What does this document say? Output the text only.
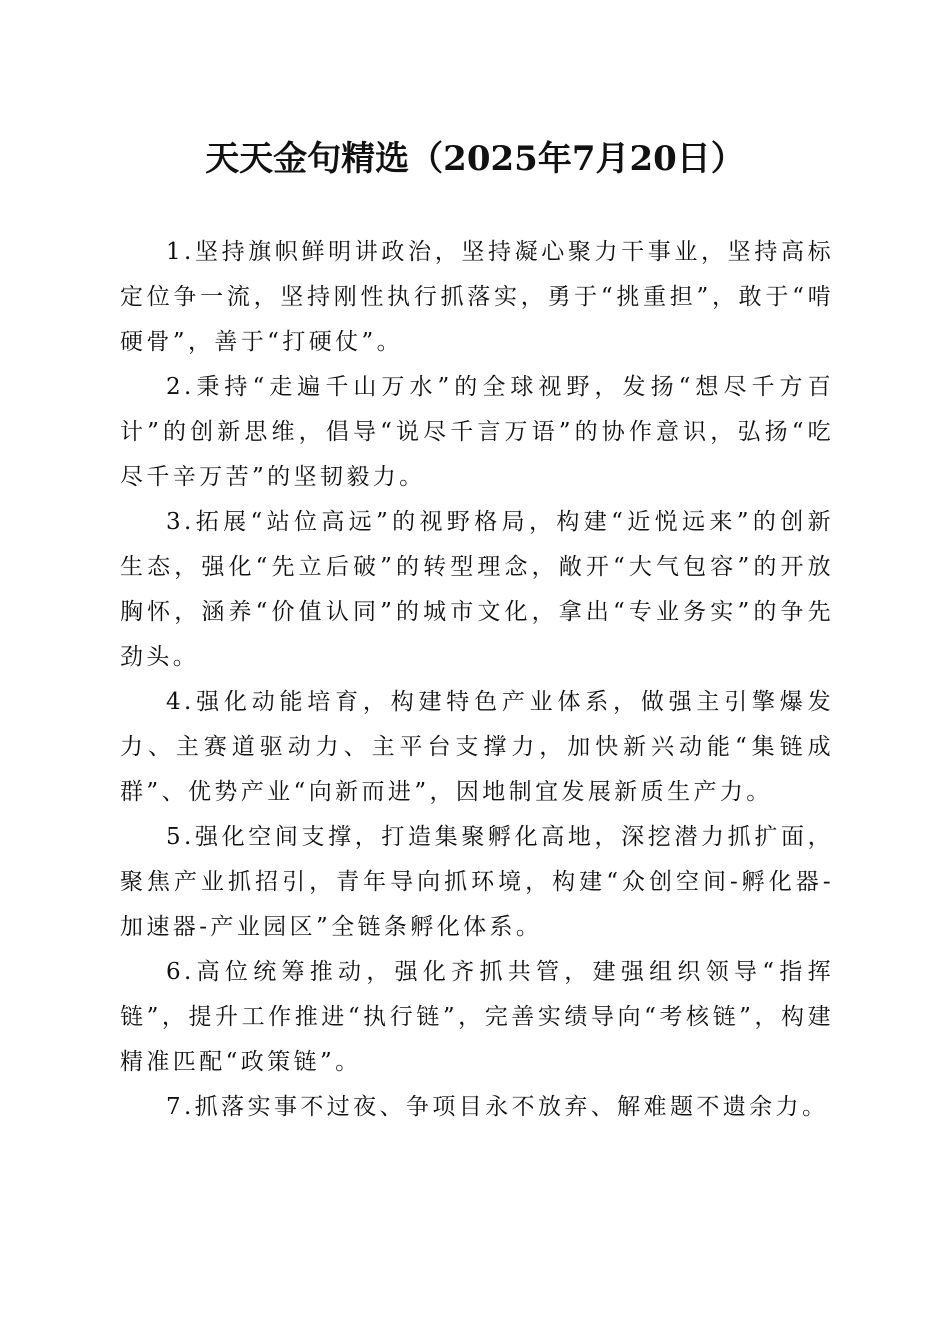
天天金句精选（2025年7月20日）

1.坚持旗帜鲜明讲政治，坚持凝心聚力干事业，坚持高标定位争一流，坚持刚性执行抓落实，勇于“挑重担”，敢于“啃硬骨”，善于“打硬仗”。

2.秉持“走遍千山万水”的全球视野，发扬“想尽千方百计”的创新思维，倡导“说尽千言万语”的协作意识，弘扬“吃尽千辛万苦”的坚韧毅力。

3.拓展“站位高远”的视野格局，构建“近悦远来”的创新生态，强化“先立后破”的转型理念，敞开“大气包容”的开放胸怀，涵养“价值认同”的城市文化，拿出“专业务实”的争先劲头。

4.强化动能培育，构建特色产业体系，做强主引擎爆发力、主赛道驱动力、主平台支撑力，加快新兴动能“集链成群”、优势产业“向新而进”，因地制宜发展新质生产力。

5.强化空间支撑，打造集聚孵化高地，深挖潜力抓扩面，聚焦产业抓招引，青年导向抓环境，构建“众创空间-孵化器-加速器-产业园区”全链条孵化体系。

6.高位统筹推动，强化齐抓共管，建强组织领导“指挥链”，提升工作推进“执行链”，完善实绩导向“考核链”，构建精准匹配“政策链”。

7.抓落实事不过夜、争项目永不放弃、解难题不遗余力。
